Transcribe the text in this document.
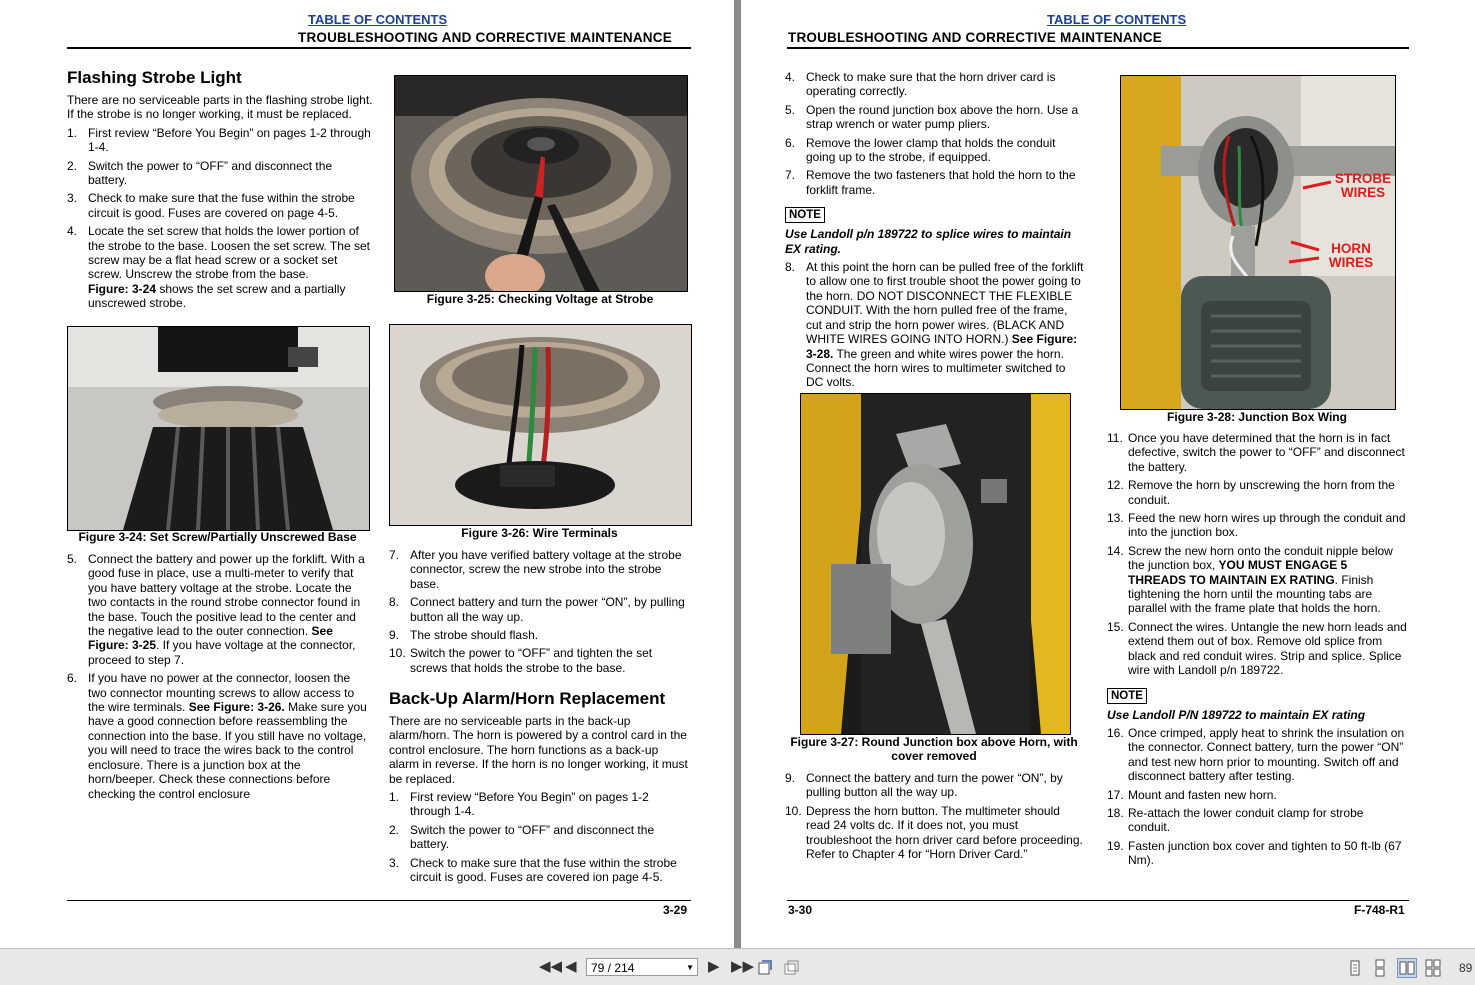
TABLE OF CONTENTS
TROUBLESHOOTING AND CORRECTIVE MAINTENANCE
Flashing Strobe Light

There are no serviceable parts in the flashing strobe light. If the strobe is no longer working, it must be replaced.

1. First review “Before You Begin” on pages 1-2 through 1-4.
2. Switch the power to “OFF” and disconnect the battery.
3. Check to make sure that the fuse within the strobe circuit is good. Fuses are covered on page 4-5.
4. Locate the set screw that holds the lower portion of the strobe to the base. Loosen the set screw. The set screw may be a flat head screw or a socket set screw. Unscrew the strobe from the base.
Figure: 3-24 shows the set screw and a partially unscrewed strobe.	Figure 3-25: Checking Voltage at Strobe
Figure 3-24: Set Screw/Partially Unscrewed Base	Figure 3-26: Wire Terminals
5. Connect the battery and power up the forklift. With a good fuse in place, use a multi-meter to verify that you have battery voltage at the strobe. Locate the two contacts in the round strobe connector found in the base. Touch the positive lead to the center and the negative lead to the outer connection. See Figure: 3-25. If you have voltage at the connector, proceed to step 7.
6. If you have no power at the connector, loosen the two connector mounting screws to allow access to the wire terminals. See Figure: 3-26. Make sure you have a good connection before reassembling the connection into the base. If you still have no voltage, you will need to trace the wires back to the control enclosure. There is a junction box at the horn/beeper. Check these connections before checking the control enclosure
7. After you have verified battery voltage at the strobe connector, screw the new strobe into the strobe base.
8. Connect battery and turn the power “ON”, by pulling button all the way up.
9. The strobe should flash.
10. Switch the power to “OFF” and tighten the set screws that holds the strobe to the base.
Back-Up Alarm/Horn Replacement

There are no serviceable parts in the back-up alarm/horn. The horn is powered by a control card in the control enclosure. The horn functions as a back-up alarm in reverse. If the horn is no longer working, it must be replaced.

1. First review “Before You Begin” on pages 1-2 through 1-4.
2. Switch the power to “OFF” and disconnect the battery.
3. Check to make sure that the fuse within the strobe circuit is good. Fuses are covered ion page 4-5.
3-29
TABLE OF CONTENTS
TROUBLESHOOTING AND CORRECTIVE MAINTENANCE
4. Check to make sure that the horn driver card is operating correctly.
5. Open the round junction box above the horn. Use a strap wrench or water pump pliers.
6. Remove the lower clamp that holds the conduit going up to the strobe, if equipped.
7. Remove the two fasteners that hold the horn to the forklift frame.
NOTE
Use Landoll p/n 189722 to splice wires to maintain EX rating.
8. At this point the horn can be pulled free of the forklift to allow one to first trouble shoot the power going to the horn. DO NOT DISCONNECT THE FLEXIBLE CONDUIT. With the horn pulled free of the frame, cut and strip the horn power wires. (BLACK AND WHITE WIRES GOING INTO HORN.) See Figure: 3-28. The green and white wires power the horn. Connect the horn wires to multimeter switched to DC volts.
Figure 3-27: Round Junction box above Horn, with cover removed
9. Connect the battery and turn the power “ON”, by pulling button all the way up.
10. Depress the horn button. The multimeter should read 24 volts dc. If it does not, you must troubleshoot the horn driver card before proceeding. Refer to Chapter 4 for “Horn Driver Card.”
STROBE WIRES
HORN WIRES
Figure 3-28: Junction Box Wing
11. Once you have determined that the horn is in fact defective, switch the power to “OFF” and disconnect the battery.
12. Remove the horn by unscrewing the horn from the conduit.
13. Feed the new horn wires up through the conduit and into the junction box.
14. Screw the new horn onto the conduit nipple below the junction box, YOU MUST ENGAGE 5 THREADS TO MAINTAIN EX RATING. Finish tightening the horn until the mounting tabs are parallel with the frame plate that holds the horn.
15. Connect the wires. Untangle the new horn leads and extend them out of box. Remove old splice from black and red conduit wires. Strip and splice. Splice wire with Landoll p/n 189722.
NOTE
Use Landoll P/N 189722 to maintain EX rating
16. Once crimped, apply heat to shrink the insulation on the connector. Connect battery, turn the power “ON” and test new horn prior to mounting. Switch off and disconnect battery after testing.
17. Mount and fasten new horn.
18. Re-attach the lower conduit clamp for strobe conduit.
19. Fasten junction box cover and tighten to 50 ft-lb (67 Nm).
3-30	F-748-R1
◀◀ ◀	79 / 214	▼ ▶ ▶▶	89
